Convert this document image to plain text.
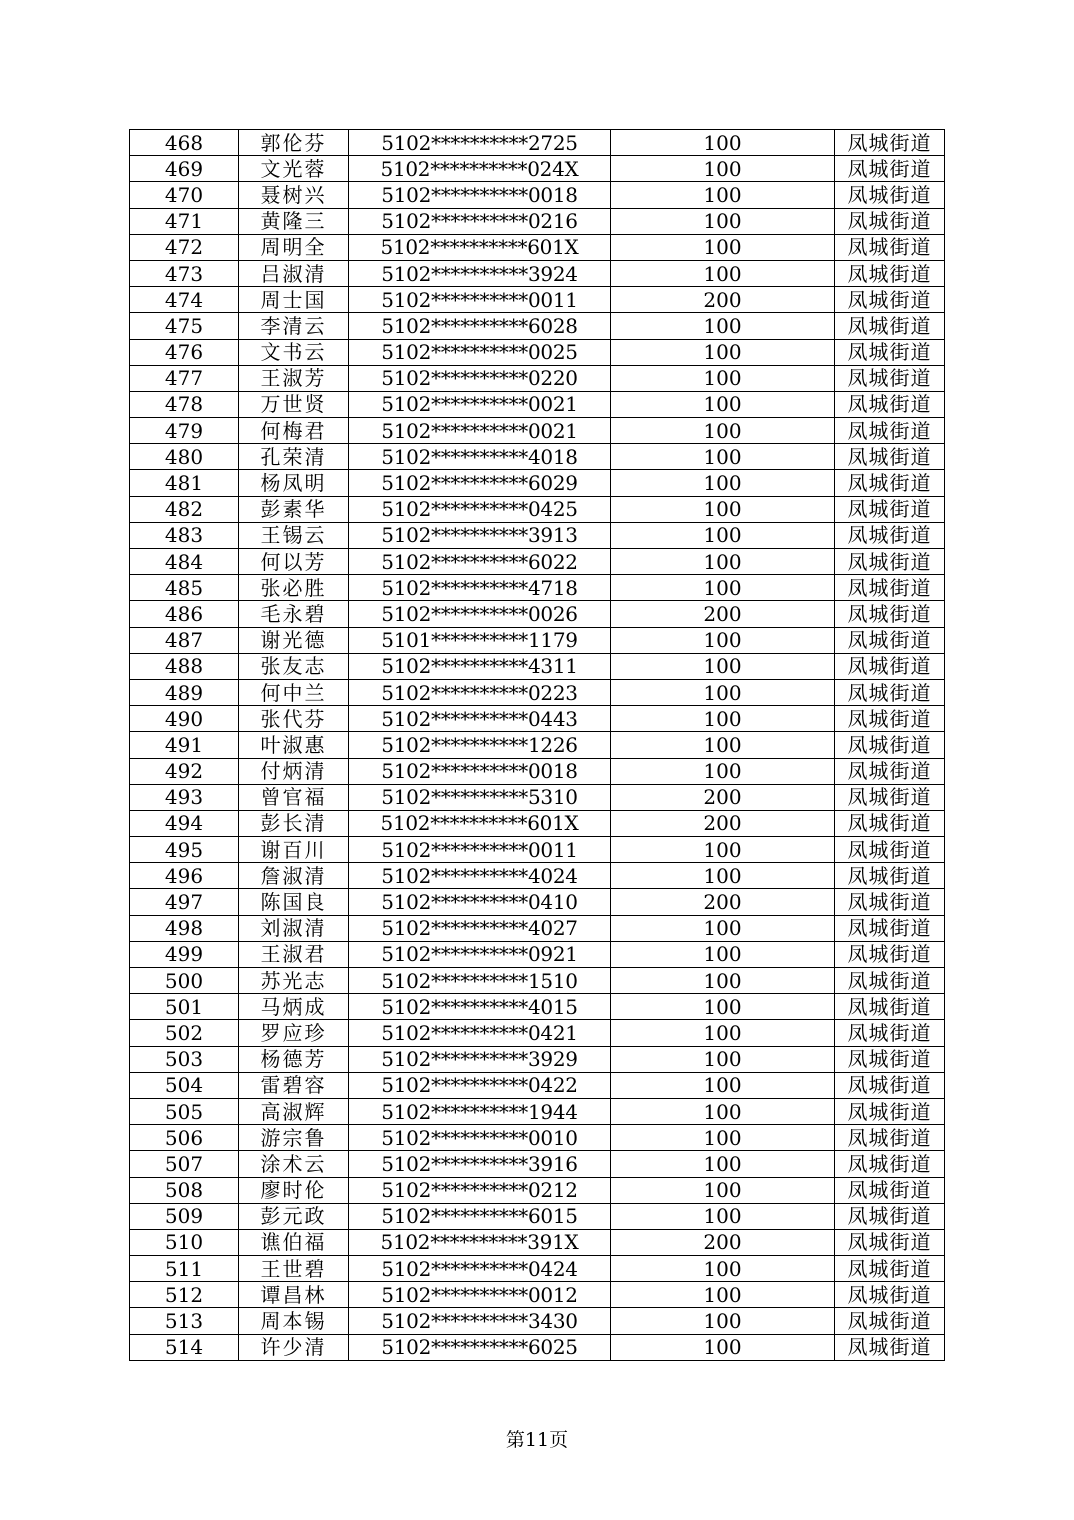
468	郭伦芬	5102**********2725	100	凤城街道
469	文光蓉	5102**********024X	100	凤城街道
470	聂树兴	5102**********0018	100	凤城街道
471	黄隆三	5102**********0216	100	凤城街道
472	周明全	5102**********601X	100	凤城街道
473	吕淑清	5102**********3924	100	凤城街道
474	周士国	5102**********0011	200	凤城街道
475	李清云	5102**********6028	100	凤城街道
476	文书云	5102**********0025	100	凤城街道
477	王淑芳	5102**********0220	100	凤城街道
478	万世贤	5102**********0021	100	凤城街道
479	何梅君	5102**********0021	100	凤城街道
480	孔荣清	5102**********4018	100	凤城街道
481	杨凤明	5102**********6029	100	凤城街道
482	彭素华	5102**********0425	100	凤城街道
483	王锡云	5102**********3913	100	凤城街道
484	何以芳	5102**********6022	100	凤城街道
485	张必胜	5102**********4718	100	凤城街道
486	毛永碧	5102**********0026	200	凤城街道
487	谢光德	5101**********1179	100	凤城街道
488	张友志	5102**********4311	100	凤城街道
489	何中兰	5102**********0223	100	凤城街道
490	张代芬	5102**********0443	100	凤城街道
491	叶淑惠	5102**********1226	100	凤城街道
492	付炳清	5102**********0018	100	凤城街道
493	曾官福	5102**********5310	200	凤城街道
494	彭长清	5102**********601X	200	凤城街道
495	谢百川	5102**********0011	100	凤城街道
496	詹淑清	5102**********4024	100	凤城街道
497	陈国良	5102**********0410	200	凤城街道
498	刘淑清	5102**********4027	100	凤城街道
499	王淑君	5102**********0921	100	凤城街道
500	苏光志	5102**********1510	100	凤城街道
501	马炳成	5102**********4015	100	凤城街道
502	罗应珍	5102**********0421	100	凤城街道
503	杨德芳	5102**********3929	100	凤城街道
504	雷碧容	5102**********0422	100	凤城街道
505	高淑辉	5102**********1944	100	凤城街道
506	游宗鲁	5102**********0010	100	凤城街道
507	涂术云	5102**********3916	100	凤城街道
508	廖时伦	5102**********0212	100	凤城街道
509	彭元政	5102**********6015	100	凤城街道
510	谯伯福	5102**********391X	200	凤城街道
511	王世碧	5102**********0424	100	凤城街道
512	谭昌林	5102**********0012	100	凤城街道
513	周本锡	5102**********3430	100	凤城街道
514	许少清	5102**********6025	100	凤城街道
第11页
